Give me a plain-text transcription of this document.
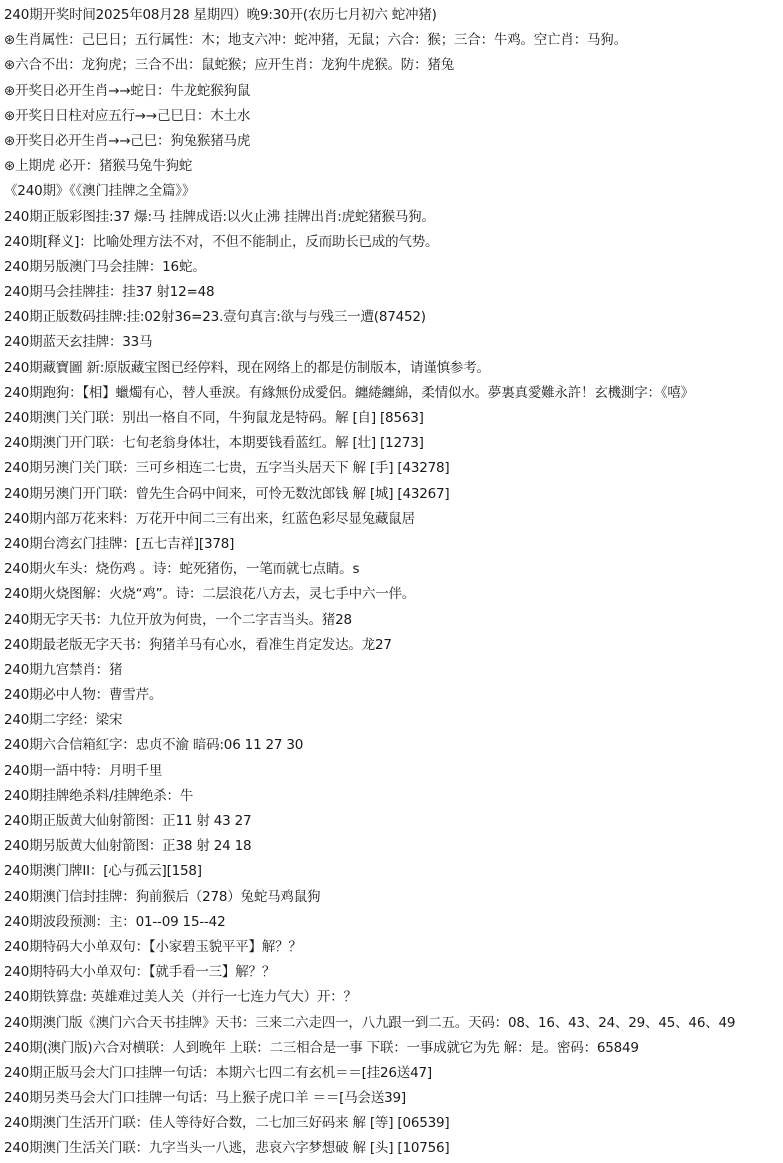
240期开奖时间2025年08月28 星期四）晚9:30开(农历七月初六 蛇冲猪)
⊛生肖属性：己巳日；五行属性：木；地支六冲：蛇冲猪，无鼠；六合：猴；三合：牛鸡。空亡肖：马狗。
⊛六合不出：龙狗虎；三合不出：鼠蛇猴；应开生肖：龙狗牛虎猴。防：猪兔
⊛开奖日必开生肖→→蛇日：牛龙蛇猴狗鼠
⊛开奖日日柱对应五行→→己巳日：木土水
⊛开奖日必开生肖→→己巳：狗兔猴猪马虎
⊛上期虎 必开：猪猴马兔牛狗蛇
《240期》《《澳门挂牌之全篇》》
240期正版彩图挂:37 爆:马 挂牌成语:以火止沸 挂牌出肖:虎蛇猪猴马狗。
240期[释义]：比喻处理方法不对，不但不能制止，反而助长已成的气势。
240期另版澳门马会挂牌：16蛇。
240期马会挂牌挂：挂37 射12=48
240期正版数码挂牌:挂:02射36=23.壹句真言:欲与与残三一遭(87452)
240期蓝天玄挂牌：33马
240期藏寶圖 新:原版藏宝图已经停料，现在网络上的都是仿制版本，请谨慎参考。
240期跑狗：【相】蠟燭有心，替人垂淚。有緣無份成愛侶。纏綣纏綿，柔情似水。夢裏真愛難永許！玄機測字：《嘻》
240期澳门关门联：别出一格自不同，牛狗鼠龙是特码。解 [自] [8563]
240期澳门开门联：七旬老翁身体壮，本期要钱看蓝红。解 [壮] [1273]
240期另澳门关门联：三可乡相连二七贵，五字当头居天下 解 [手] [43278]
240期另澳门开门联：曾先生合码中间来，可怜无数沈郎钱 解 [城] [43267]
240期内部万花来料：万花开中间二三有出来，红蓝色彩尽显兔藏鼠居
240期台湾玄门挂牌：[五七吉祥][378]
240期火车头：烧伤鸡 。诗：蛇死猪伤，一笔而就七点睛。s
240期火烧图解：火烧“鸡”。诗：二层浪花八方去，灵七手中六一伴。
240期无字天书：九位开放为何贵，一个二字吉当头。猪28
240期最老版无字天书：狗猪羊马有心水，看准生肖定发达。龙27
240期九宫禁肖：猪
240期必中人物：曹雪芹。
240期二字经：梁宋
240期六合信箱紅字：忠贞不渝 暗码:06 11 27 30
240期一語中特：月明千里
240期挂牌绝杀料/挂牌绝杀：牛
240期正版黄大仙射箭图：正11 射 43 27
240期另版黄大仙射箭图：正38 射 24 18
240期澳门牌II：[心与孤云][158]
240期澳门信封挂牌：狗前猴后（278）兔蛇马鸡鼠狗
240期波段预测：主：01--09 15--42
240期特码大小单双句：【小家碧玉貌平平】解？？
240期特码大小单双句：【就手看一三】解？？
240期铁算盘: 英雄难过美人关（并行一七连力气大）开：？
240期澳门版《澳门六合天书挂牌》天书：三来二六走四一，八九跟一到二五。天码：08、16、43、24、29、45、46、49
240期(澳门版)六合对横联：人到晚年 上联：二三相合是一事 下联：一事成就它为先 解：是。密码：65849
240期正版马会大门口挂牌一句话：本期六七四二有玄机＝＝[挂26送47]
240期另类马会大门口挂牌一句话：马上猴子虎口羊 ＝＝[马会送39]
240期澳门生活开门联：佳人等待好合数，二七加三好码来 解 [等] [06539]
240期澳门生活关门联：九字当头一八逃，悲哀六字梦想破 解 [头] [10756]
